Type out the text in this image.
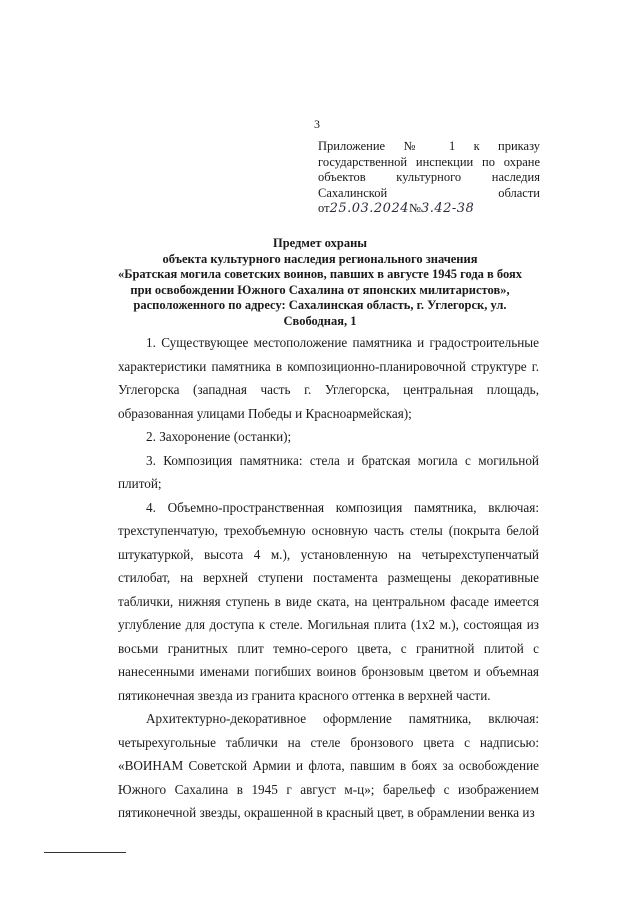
3
Приложение № 1 к приказу
государственной инспекции по охране
объектов культурного наследия
Сахалинской области
от25.03.2024№3.42-38
Предмет охраны
объекта культурного наследия регионального значения
«Братская могила советских воинов, павших в августе 1945 года в боях
при освобождении Южного Сахалина от японских милитаристов»,
расположенного по адресу: Сахалинская область, г. Углегорск, ул.
Свободная, 1

1. Существующее местоположение памятника и градостроительные характеристики памятника в композиционно-планировочной структуре г. Углегорска (западная часть г. Углегорска, центральная площадь, образованная улицами Победы и Красноармейская);

2. Захоронение (останки);

3. Композиция памятника: стела и братская могила с могильной плитой;

4. Объемно-пространственная композиция памятника, включая: трехступенчатую, трехобъемную основную часть стелы (покрыта белой штукатуркой, высота 4 м.), установленную на четырехступенчатый стилобат, на верхней ступени постамента размещены декоративные таблички, нижняя ступень в виде ската, на центральном фасаде имеется углубление для доступа к стеле. Могильная плита (1х2 м.), состоящая из восьми гранитных плит темно-серого цвета, с гранитной плитой с нанесенными именами погибших воинов бронзовым цветом и объемная пятиконечная звезда из гранита красного оттенка в верхней части.

Архитектурно-декоративное оформление памятника, включая: четырехугольные таблички на стеле бронзового цвета с надписью: «ВОИНАМ Советской Армии и флота, павшим в боях за освобождение Южного Сахалина в 1945 г август м-ц»; барельеф с изображением пятиконечной звезды, окрашенной в красный цвет, в обрамлении венка из
